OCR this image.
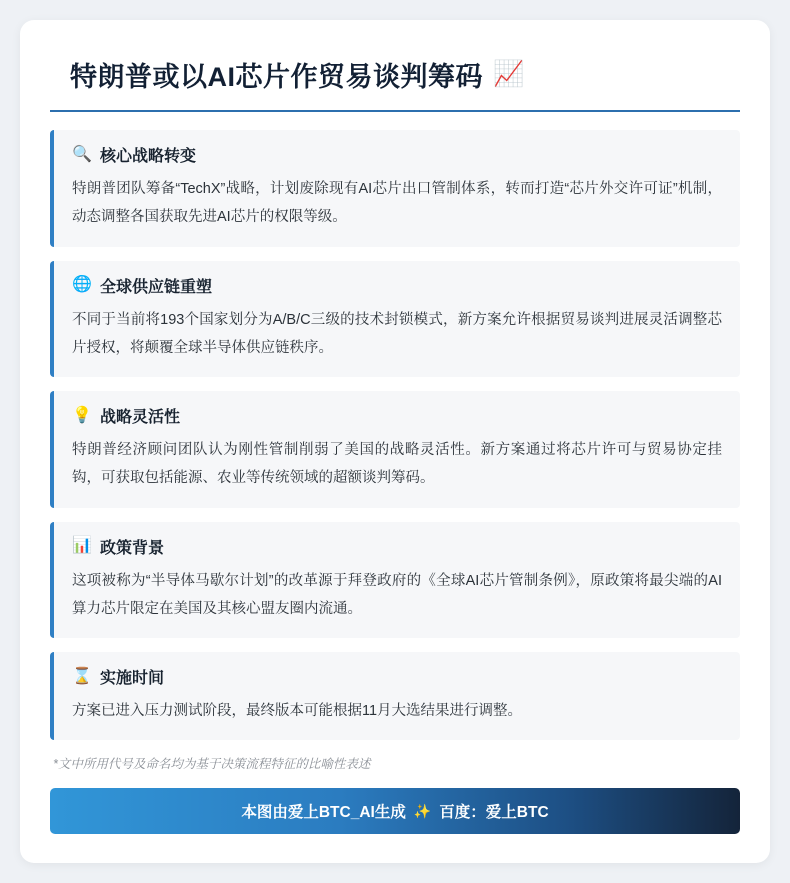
特朗普或以AI芯片作贸易谈判筹码 📈
🔍 核心战略转变
特朗普团队筹备“TechX”战略，计划废除现有AI芯片出口管制体系，转而打造“芯片外交许可证”机制，动态调整各国获取先进AI芯片的权限等级。
🌐 全球供应链重塑
不同于当前将193个国家划分为A/B/C三级的技术封锁模式，新方案允许根据贸易谈判进展灵活调整芯片授权，将颠覆全球半导体供应链秩序。
💡 战略灵活性
特朗普经济顾问团队认为刚性管制削弱了美国的战略灵活性。新方案通过将芯片许可与贸易协定挂钩，可获取包括能源、农业等传统领域的超额谈判筹码。
📊 政策背景
这项被称为“半导体马歇尔计划”的改革源于拜登政府的《全球AI芯片管制条例》，原政策将最尖端的AI算力芯片限定在美国及其核心盟友圈内流通。
⌛ 实施时间
方案已进入压力测试阶段，最终版本可能根据11月大选结果进行调整。
*文中所用代号及命名均为基于决策流程特征的比喻性表述
本图由爱上BTC_AI生成 ✨ 百度：爱上BTC
